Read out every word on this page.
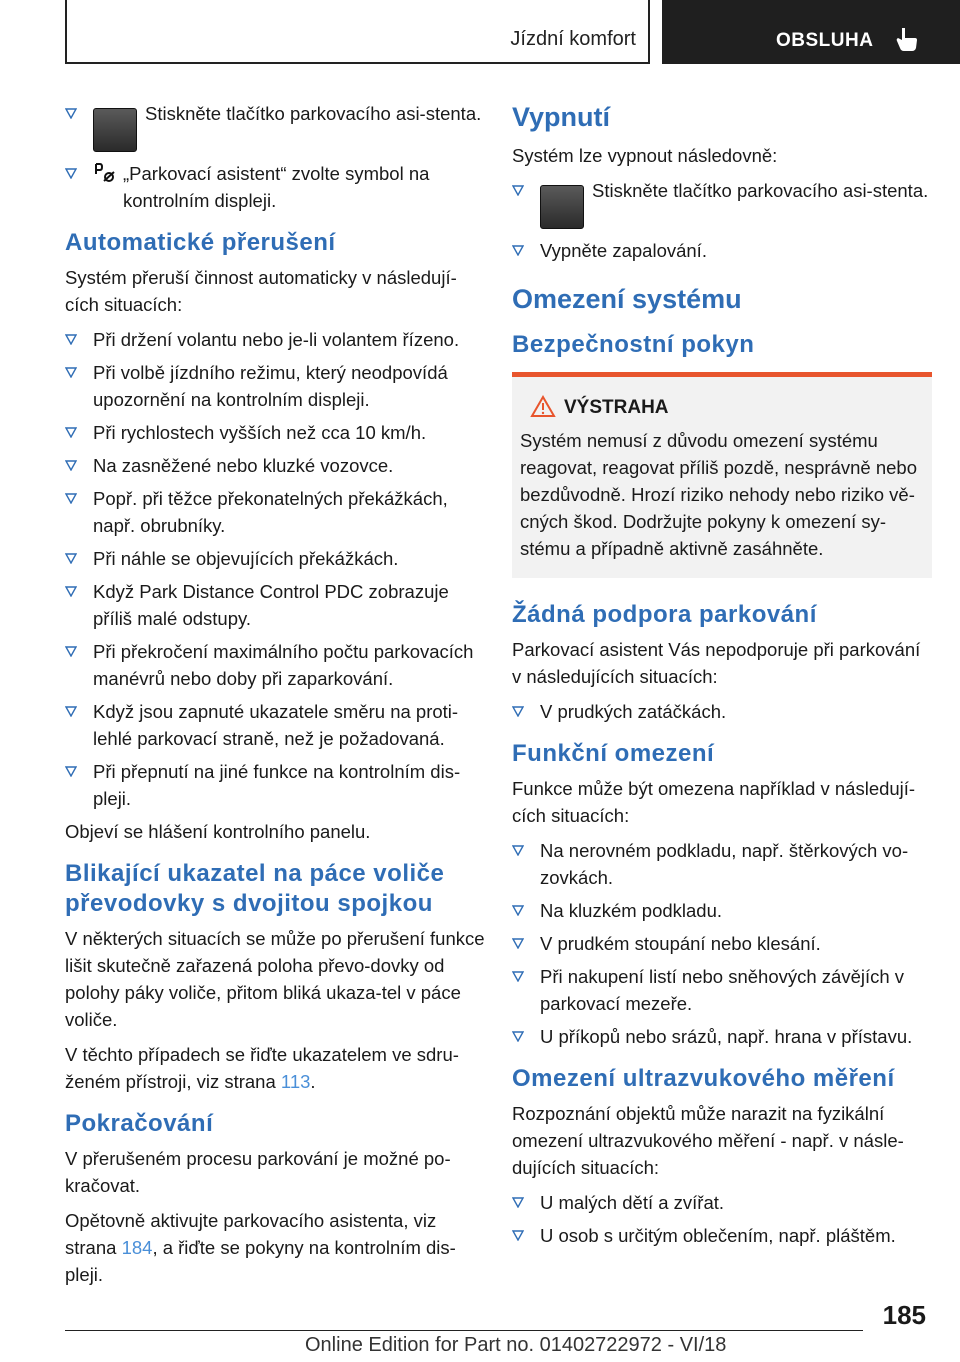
Jízdní komfort	OBSLUHA
Stiskněte tlačítko parkovacího asi-stenta.
„Parkovací asistent“ zvolte symbol na kontrolním displeji.
Automatické přerušení

Systém přeruší činnost automaticky v následují-cích situacích:

Při držení volantu nebo je-li volantem řízeno.
Při volbě jízdního režimu, který neodpovídá upozornění na kontrolním displeji.
Při rychlostech vyšších než cca 10 km/h.
Na zasněžené nebo kluzké vozovce.
Popř. při těžce překonatelných překážkách, např. obrubníky.
Při náhle se objevujících překážkách.
Když Park Distance Control PDC zobrazuje příliš malé odstupy.
Při překročení maximálního počtu parkovacích manévrů nebo doby při zaparkování.
Když jsou zapnuté ukazatele směru na proti-lehlé parkovací straně, než je požadovaná.
Při přepnutí na jiné funkce na kontrolním dis-pleji.

Objeví se hlášení kontrolního panelu.

Blikající ukazatel na páce voliče převodovky s dvojitou spojkou

V některých situacích se může po přerušení funkce lišit skutečně zařazená poloha převo-dovky od polohy páky voliče, přitom bliká ukaza-tel v páce voliče.

V těchto případech se řiďte ukazatelem ve sdru-ženém přístroji, viz strana 113.

Pokračování

V přerušeném procesu parkování je možné po-kračovat.

Opětovně aktivujte parkovacího asistenta, viz strana 184, a řiďte se pokyny na kontrolním dis-pleji.

Vypnutí

Systém lze vypnout následovně:

Stiskněte tlačítko parkovacího asi-stenta.
Vypněte zapalování.
Omezení systému
Bezpečnostní pokyn
VÝSTRAHA
Systém nemusí z důvodu omezení systému reagovat, reagovat příliš pozdě, nesprávně nebo bezdůvodně. Hrozí riziko nehody nebo riziko vě-cných škod. Dodržujte pokyny k omezení sy-stému a případně aktivně zasáhněte.
Žádná podpora parkování

Parkovací asistent Vás nepodporuje při parkování v následujících situacích:

V prudkých zatáčkách.
Funkční omezení

Funkce může být omezena například v následují-cích situacích:

Na nerovném podkladu, např. štěrkových vo-zovkách.
Na kluzkém podkladu.
V prudkém stoupání nebo klesání.
Při nakupení listí nebo sněhových závějích v parkovací mezeře.
U příkopů nebo srázů, např. hrana v přístavu.
Omezení ultrazvukového měření

Rozpoznání objektů může narazit na fyzikální omezení ultrazvukového měření - např. v násle-dujících situacích:

U malých dětí a zvířat.
U osob s určitým oblečením, např. pláštěm.
185
Online Edition for Part no. 01402722972 - VI/18
